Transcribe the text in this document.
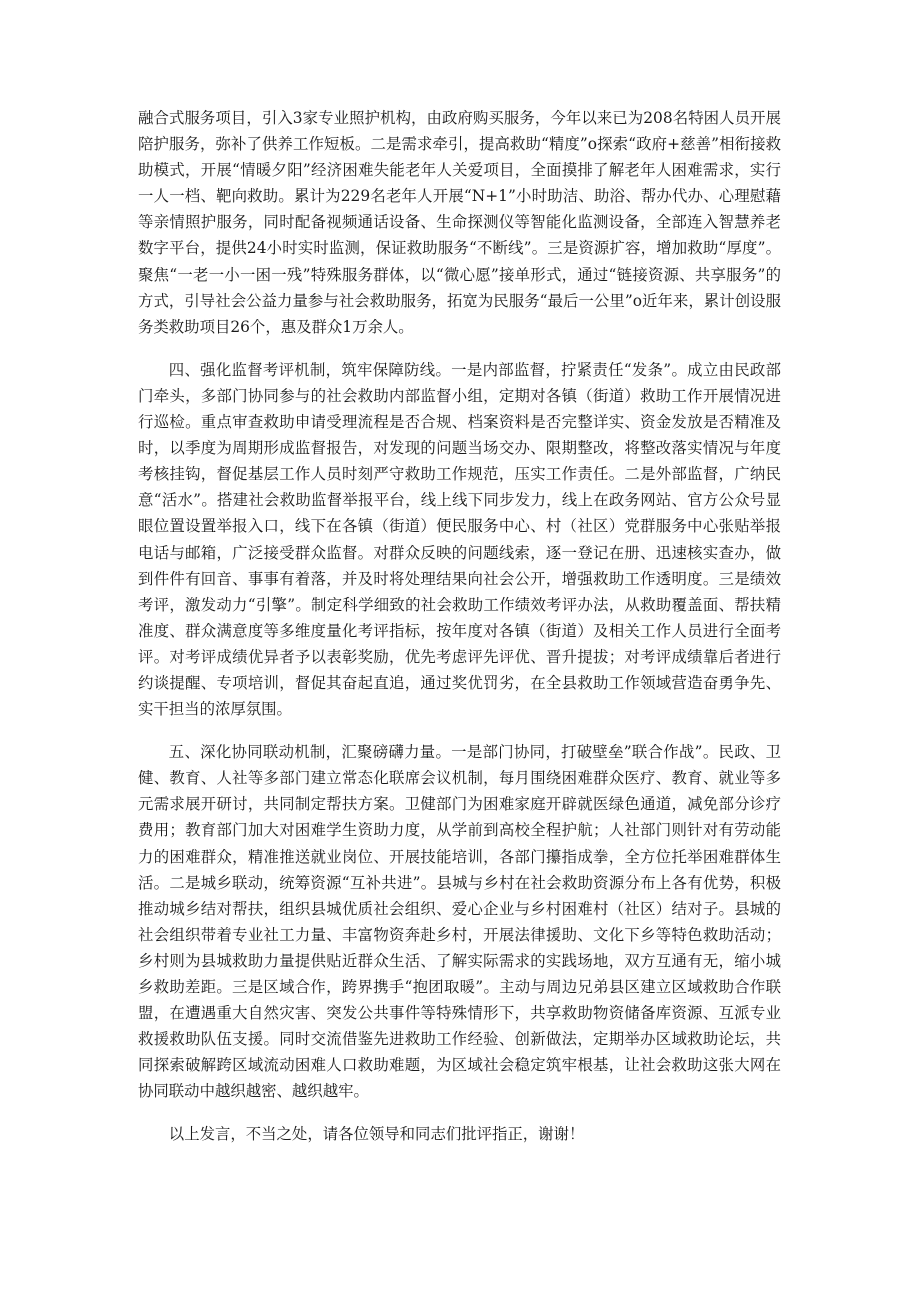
融合式服务项目，引入3家专业照护机构，由政府购买服务，今年以来已为208名特困人员开展陪护服务，弥补了供养工作短板。二是需求牵引，提高救助“精度”o探索“政府+慈善”相衔接救助模式，开展“情暖夕阳”经济困难失能老年人关爱项目，全面摸排了解老年人困难需求，实行一人一档、靶向救助。累计为229名老年人开展“N+1”小时助洁、助浴、帮办代办、心理慰藉等亲情照护服务，同时配备视频通话设备、生命探测仪等智能化监测设备，全部连入智慧养老数字平台，提供24小时实时监测，保证救助服务“不断线”。三是资源扩容，增加救助“厚度”。聚焦“一老一小一困一残”特殊服务群体，以“微心愿”接单形式，通过“链接资源、共享服务”的方式，引导社会公益力量参与社会救助服务，拓宽为民服务“最后一公里”o近年来，累计创设服务类救助项目26个，惠及群众1万余人。

四、强化监督考评机制，筑牢保障防线。一是内部监督，拧紧责任“发条”。成立由民政部门牵头，多部门协同参与的社会救助内部监督小组，定期对各镇（街道）救助工作开展情况进行巡检。重点审查救助申请受理流程是否合规、档案资料是否完整详实、资金发放是否精准及时，以季度为周期形成监督报告，对发现的问题当场交办、限期整改，将整改落实情况与年度考核挂钩，督促基层工作人员时刻严守救助工作规范，压实工作责任。二是外部监督，广纳民意“活水”。搭建社会救助监督举报平台，线上线下同步发力，线上在政务网站、官方公众号显眼位置设置举报入口，线下在各镇（街道）便民服务中心、村（社区）党群服务中心张贴举报电话与邮箱，广泛接受群众监督。对群众反映的问题线索，逐一登记在册、迅速核实查办，做到件件有回音、事事有着落，并及时将处理结果向社会公开，增强救助工作透明度。三是绩效考评，激发动力“引擎”。制定科学细致的社会救助工作绩效考评办法，从救助覆盖面、帮扶精准度、群众满意度等多维度量化考评指标，按年度对各镇（街道）及相关工作人员进行全面考评。对考评成绩优异者予以表彰奖励，优先考虑评先评优、晋升提拔；对考评成绩靠后者进行约谈提醒、专项培训，督促其奋起直追，通过奖优罚劣，在全县救助工作领域营造奋勇争先、实干担当的浓厚氛围。

五、深化协同联动机制，汇聚磅礴力量。一是部门协同，打破壁垒”联合作战”。民政、卫健、教育、人社等多部门建立常态化联席会议机制，每月围绕困难群众医疗、教育、就业等多元需求展开研讨，共同制定帮扶方案。卫健部门为困难家庭开辟就医绿色通道，减免部分诊疗费用；教育部门加大对困难学生资助力度，从学前到高校全程护航；人社部门则针对有劳动能力的困难群众，精准推送就业岗位、开展技能培训，各部门攥指成拳，全方位托举困难群体生活。二是城乡联动，统筹资源“互补共进”。县城与乡村在社会救助资源分布上各有优势，积极推动城乡结对帮扶，组织县城优质社会组织、爱心企业与乡村困难村（社区）结对子。县城的社会组织带着专业社工力量、丰富物资奔赴乡村，开展法律援助、文化下乡等特色救助活动；乡村则为县城救助力量提供贴近群众生活、了解实际需求的实践场地，双方互通有无，缩小城乡救助差距。三是区域合作，跨界携手“抱团取暖”。主动与周边兄弟县区建立区域救助合作联盟，在遭遇重大自然灾害、突发公共事件等特殊情形下，共享救助物资储备库资源、互派专业救援救助队伍支援。同时交流借鉴先进救助工作经验、创新做法，定期举办区域救助论坛，共同探索破解跨区域流动困难人口救助难题，为区域社会稳定筑牢根基，让社会救助这张大网在协同联动中越织越密、越织越牢。

以上发言，不当之处，请各位领导和同志们批评指正，谢谢！
